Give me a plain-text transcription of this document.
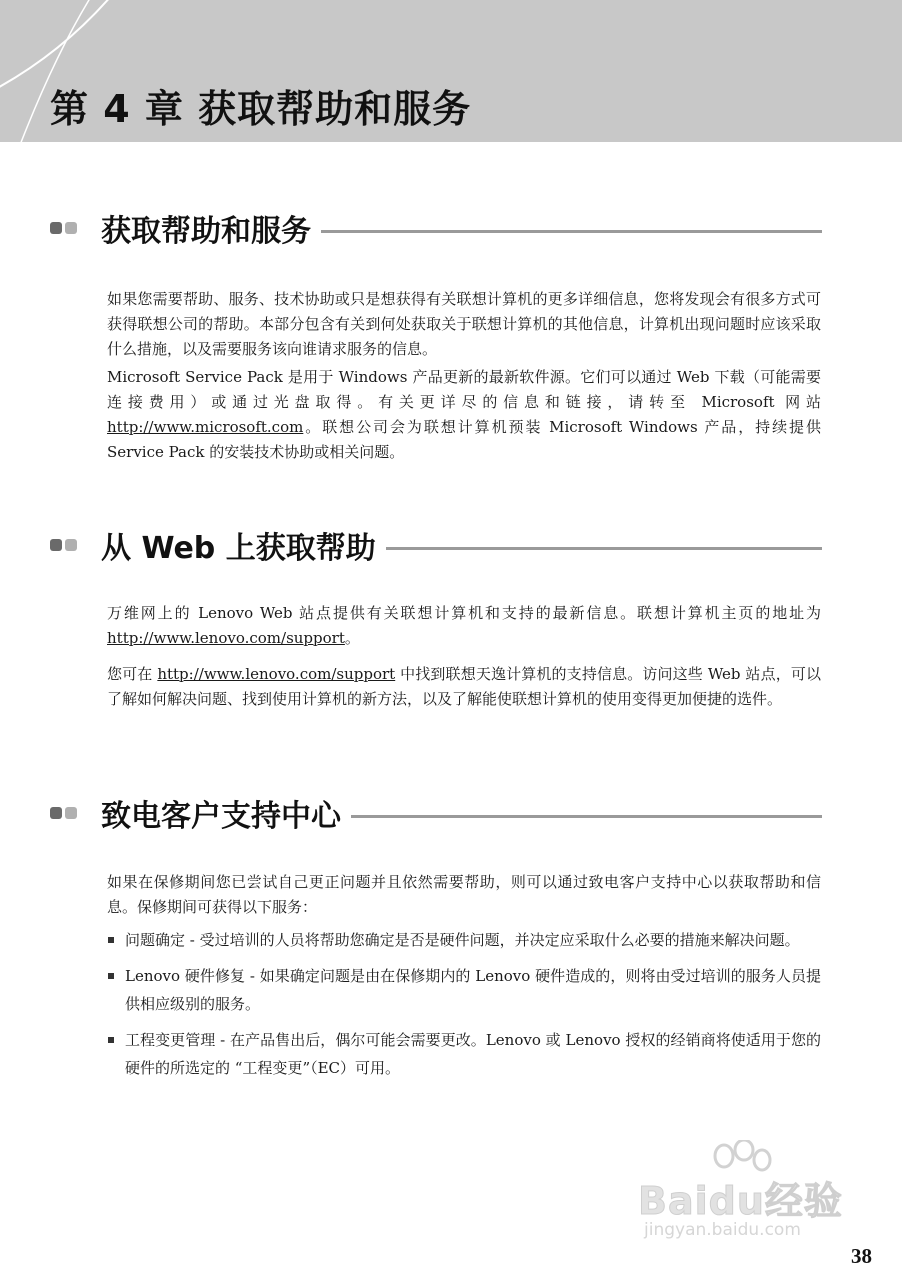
第 4 章 获取帮助和服务
获取帮助和服务

如果您需要帮助、服务、技术协助或只是想获得有关联想计算机的更多详细信息，您将发现会有很多方式可获得联想公司的帮助。本部分包含有关到何处获取关于联想计算机的其他信息，计算机出现问题时应该采取什么措施，以及需要服务该向谁请求服务的信息。

Microsoft Service Pack 是用于 Windows 产品更新的最新软件源。它们可以通过 Web 下载（可能需要连接费用）或通过光盘取得。有关更详尽的信息和链接，请转至 Microsoft 网站 http://www.microsoft.com。联想公司会为联想计算机预装 Microsoft Windows 产品，持续提供 Service Pack 的安装技术协助或相关问题。

从 Web 上获取帮助

万维网上的 Lenovo Web 站点提供有关联想计算机和支持的最新信息。联想计算机主页的地址为 http://www.lenovo.com/support。

您可在 http://www.lenovo.com/support 中找到联想天逸计算机的支持信息。访问这些 Web 站点，可以了解如何解决问题、找到使用计算机的新方法，以及了解能使联想计算机的使用变得更加便捷的选件。

致电客户支持中心

如果在保修期间您已尝试自己更正问题并且依然需要帮助，则可以通过致电客户支持中心以获取帮助和信息。保修期间可获得以下服务：

问题确定 - 受过培训的人员将帮助您确定是否是硬件问题，并决定应采取什么必要的措施来解决问题。
Lenovo 硬件修复 - 如果确定问题是由在保修期内的 Lenovo 硬件造成的，则将由受过培训的服务人员提供相应级别的服务。
工程变更管理 - 在产品售出后，偶尔可能会需要更改。Lenovo 或 Lenovo 授权的经销商将使适用于您的硬件的所选定的 “工程变更”（EC）可用。
Baidu经验
jingyan.baidu.com

38
